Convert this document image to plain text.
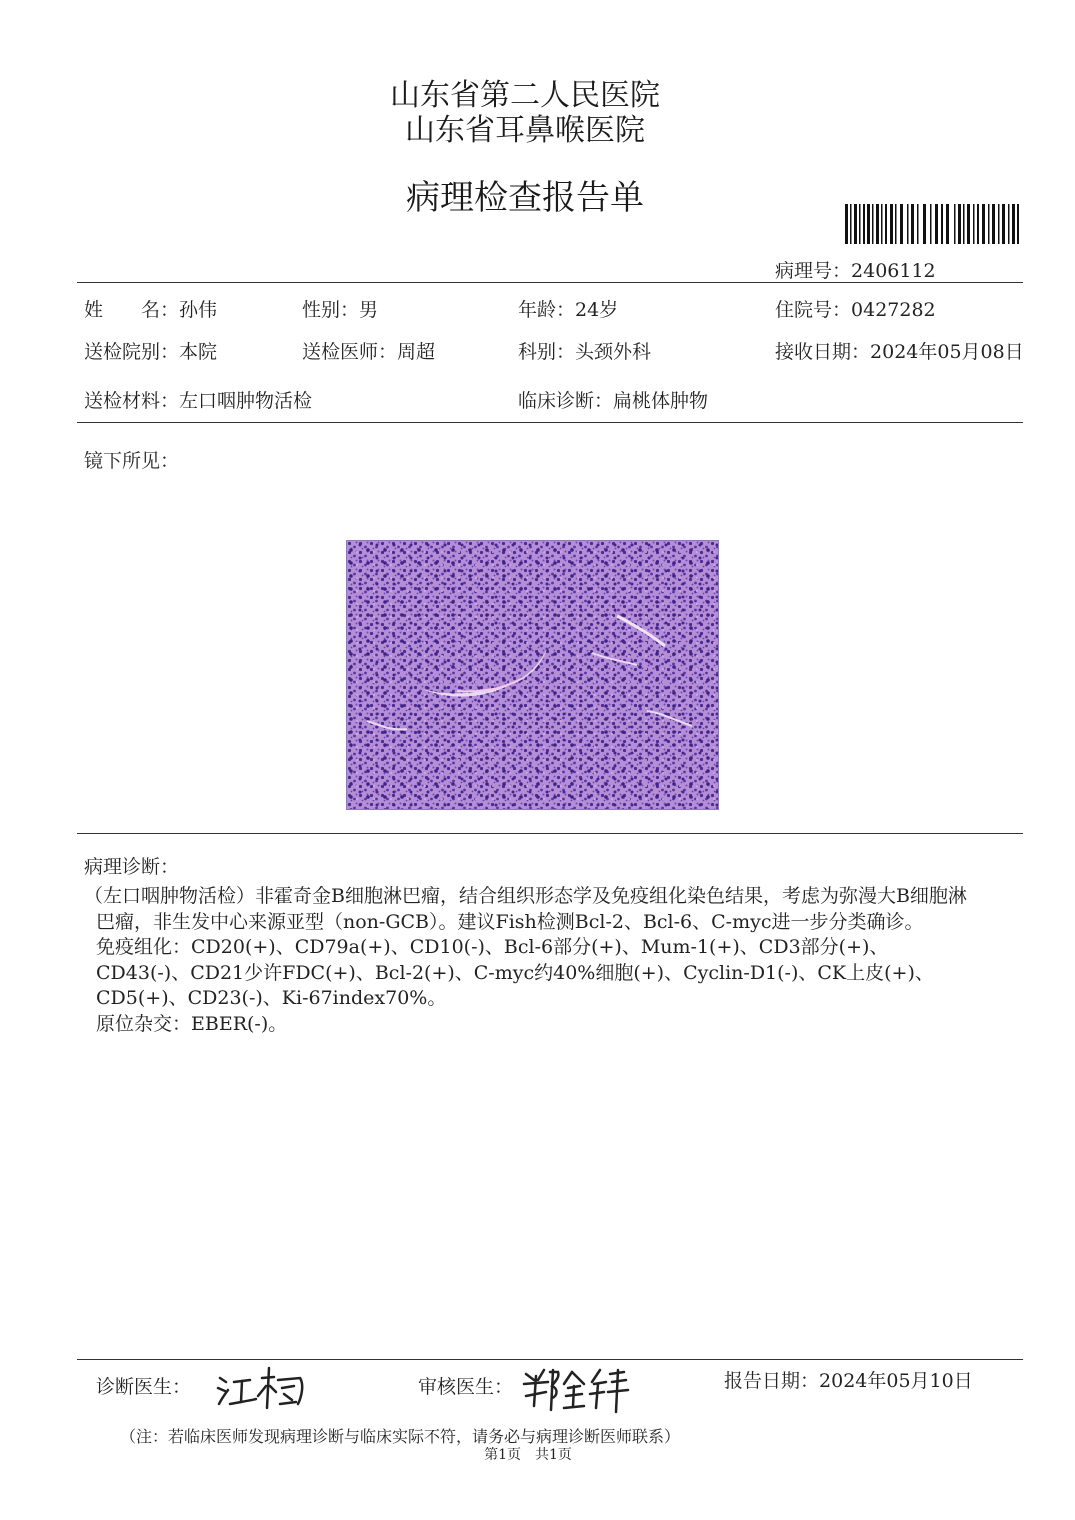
山东省第二人民医院
山东省耳鼻喉医院
病理检查报告单
病理号：2406112
姓　　名：孙伟	性别：男	年龄：24岁	住院号：0427282
送检院别：本院	送检医师：周超	科别：头颈外科	接收日期：2024年05月08日
送检材料：左口咽肿物活检	临床诊断：扁桃体肿物
镜下所见：
病理诊断：

（左口咽肿物活检）非霍奇金B细胞淋巴瘤，结合组织形态学及免疫组化染色结果，考虑为弥漫大B细胞淋巴瘤，非生发中心来源亚型（non-GCB）。建议Fish检测Bcl-2、Bcl-6、C-myc进一步分类确诊。

免疫组化：CD20(+)、CD79a(+)、CD10(-)、Bcl-6部分(+)、Mum-1(+)、CD3部分(+)、CD43(-)、CD21少许FDC(+)、Bcl-2(+)、C-myc约40%细胞(+)、Cyclin-D1(-)、CK上皮(+)、CD5(+)、CD23(-)、Ki-67index70%。

原位杂交：EBER(-)。

诊断医生：	审核医生：	报告日期：2024年05月10日
（注：若临床医师发现病理诊断与临床实际不符，请务必与病理诊断医师联系）
第1页　共1页
